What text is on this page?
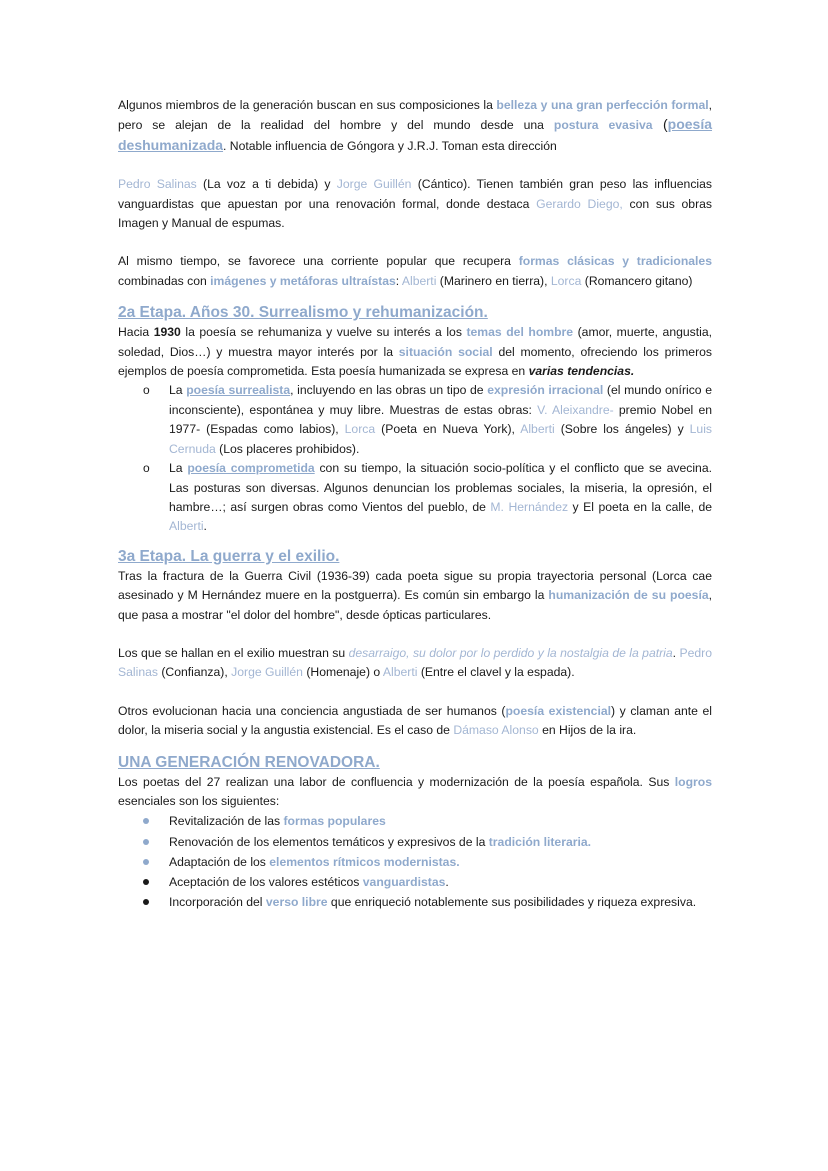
Algunos miembros de la generación buscan en sus composiciones la belleza y una gran perfección formal, pero se alejan de la realidad del hombre y del mundo desde una postura evasiva (poesía deshumanizada. Notable influencia de Góngora y J.R.J. Toman esta dirección

Pedro Salinas (La voz a ti debida) y Jorge Guillén (Cántico). Tienen también gran peso las influencias vanguardistas que apuestan por una renovación formal, donde destaca Gerardo Diego, con sus obras Imagen y Manual de espumas.

Al mismo tiempo, se favorece una corriente popular que recupera formas clásicas y tradicionales combinadas con imágenes y metáforas ultraístas: Alberti (Marinero en tierra), Lorca (Romancero gitano)

2a Etapa. Años 30. Surrealismo y rehumanización.

Hacia 1930 la poesía se rehumaniza y vuelve su interés a los temas del hombre (amor, muerte, angustia, soledad, Dios…) y muestra mayor interés por la situación social del momento, ofreciendo los primeros ejemplos de poesía comprometida. Esta poesía humanizada se expresa en varias tendencias.

o La poesía surrealista, incluyendo en las obras un tipo de expresión irracional (el mundo onírico e inconsciente), espontánea y muy libre. Muestras de estas obras: V. Aleixandre- premio Nobel en 1977- (Espadas como labios), Lorca (Poeta en Nueva York), Alberti (Sobre los ángeles) y Luis Cernuda (Los placeres prohibidos).
o La poesía comprometida con su tiempo, la situación socio-política y el conflicto que se avecina. Las posturas son diversas. Algunos denuncian los problemas sociales, la miseria, la opresión, el hambre…; así surgen obras como Vientos del pueblo, de M. Hernández y El poeta en la calle, de Alberti.
3a Etapa. La guerra y el exilio.

Tras la fractura de la Guerra Civil (1936-39) cada poeta sigue su propia trayectoria personal (Lorca cae asesinado y M Hernández muere en la postguerra). Es común sin embargo la humanización de su poesía, que pasa a mostrar "el dolor del hombre", desde ópticas particulares.

Los que se hallan en el exilio muestran su desarraigo, su dolor por lo perdido y la nostalgia de la patria. Pedro Salinas (Confianza), Jorge Guillén (Homenaje) o Alberti (Entre el clavel y la espada).

Otros evolucionan hacia una conciencia angustiada de ser humanos (poesía existencial) y claman ante el dolor, la miseria social y la angustia existencial. Es el caso de Dámaso Alonso en Hijos de la ira.

UNA GENERACIÓN RENOVADORA.

Los poetas del 27 realizan una labor de confluencia y modernización de la poesía española. Sus logros esenciales son los siguientes:

Revitalización de las formas populares
Renovación de los elementos temáticos y expresivos de la tradición literaria.
Adaptación de los elementos rítmicos modernistas.
Aceptación de los valores estéticos vanguardistas.
Incorporación del verso libre que enriqueció notablemente sus posibilidades y riqueza expresiva.
